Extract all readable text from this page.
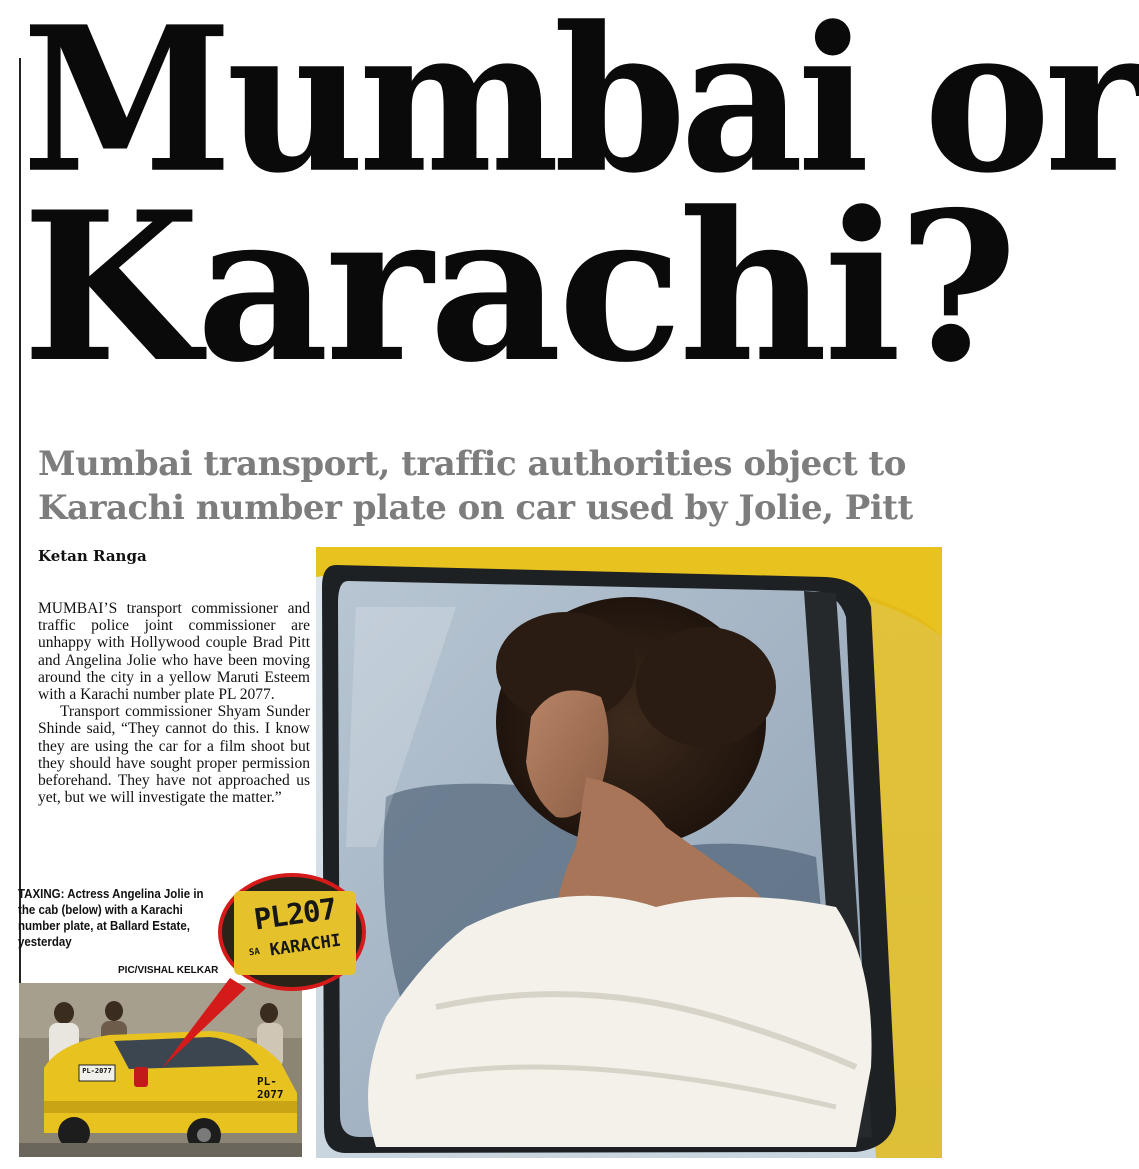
Mumbai or
Karachi?
Mumbai transport, traffic authorities object to
Karachi number plate on car used by Jolie, Pitt
Ketan Ranga

MUMBAI’S transport commissioner and traffic police joint commissioner are unhappy with Hollywood couple Brad Pitt and Angelina Jolie who have been moving around the city in a yellow Maruti Esteem with a Karachi number plate PL 2077.

Transport commissioner Shyam Sunder Shinde said, “They cannot do this. I know they are using the car for a film shoot but they should have sought proper permission beforehand. They have not approached us yet, but we will investigate the matter.”

TAXING: Actress Angelina Jolie in the cab (below) with a Karachi number plate, at Ballard Estate, yesterday
PIC/VISHAL KELKAR
PL-2077
PL-2077
PL207
SA KARACHI
